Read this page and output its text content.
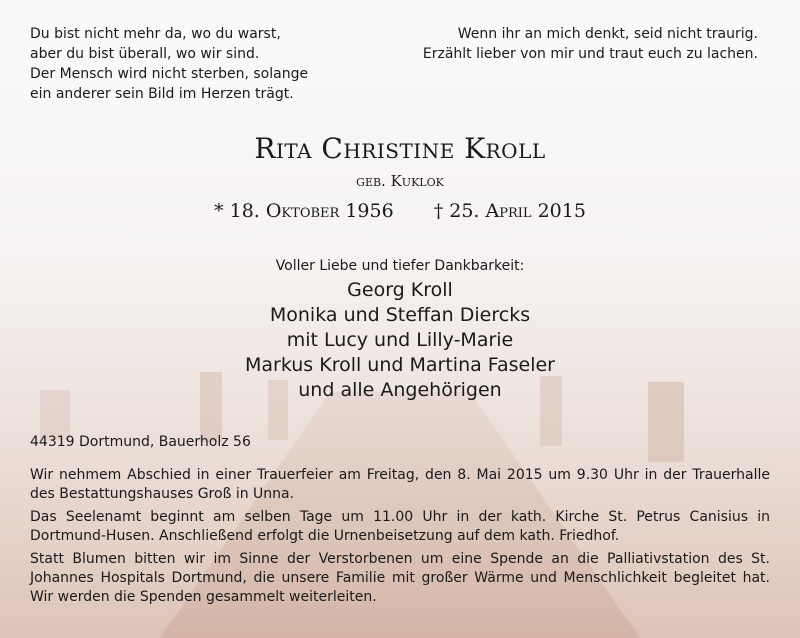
Du bist nicht mehr da, wo du warst,
aber du bist überall, wo wir sind.
Der Mensch wird nicht sterben, solange
ein anderer sein Bild im Herzen trägt.
Wenn ihr an mich denkt, seid nicht traurig.
Erzählt lieber von mir und traut euch zu lachen.
Rita Christine Kroll
geb. Kuklok
* 18. Oktober 1956 † 25. April 2015
Voller Liebe und tiefer Dankbarkeit:
Georg Kroll
Monika und Steffan Diercks
mit Lucy und Lilly-Marie
Markus Kroll und Martina Faseler
und alle Angehörigen
44319 Dortmund, Bauerholz 56

Wir nehmem Abschied in einer Trauerfeier am Freitag, den 8. Mai 2015 um 9.30 Uhr in der Trauerhalle des Bestattungshauses Groß in Unna.

Das Seelenamt beginnt am selben Tage um 11.00 Uhr in der kath. Kirche St. Petrus Canisius in Dortmund-Husen. Anschließend erfolgt die Urnenbeisetzung auf dem kath. Friedhof.

Statt Blumen bitten wir im Sinne der Verstorbenen um eine Spende an die Palliativstation des St. Johannes Hospitals Dortmund, die unsere Familie mit großer Wärme und Menschlichkeit begleitet hat. Wir werden die Spenden gesammelt weiterleiten.
